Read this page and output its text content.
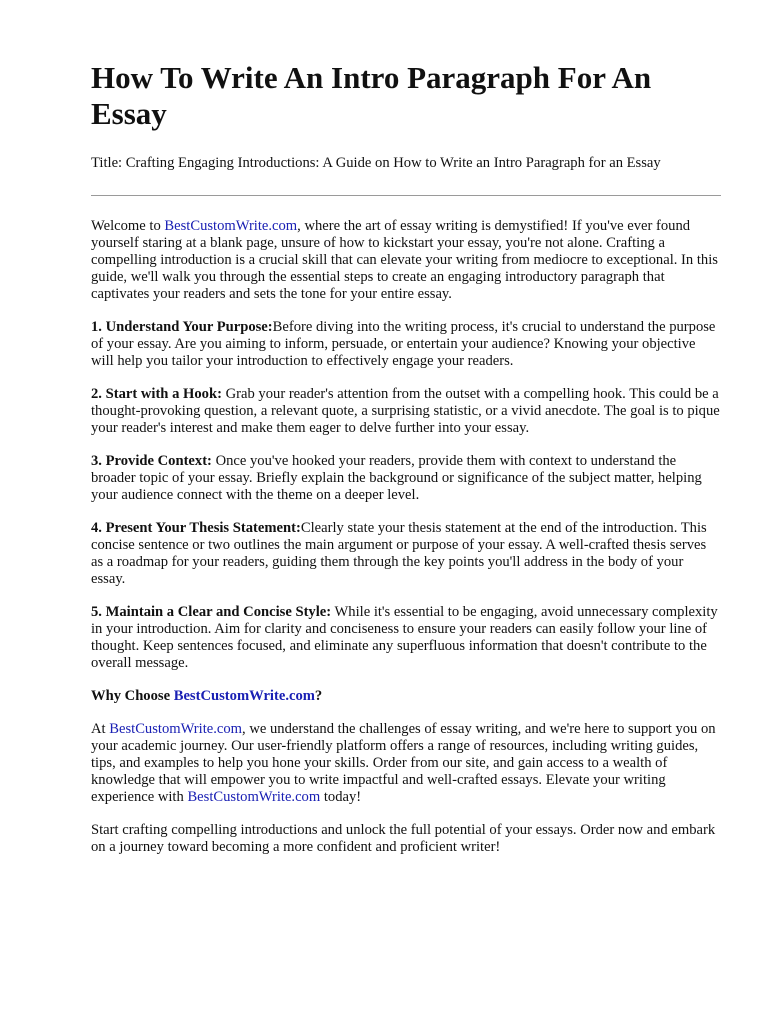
How To Write An Intro Paragraph For An Essay
Title: Crafting Engaging Introductions: A Guide on How to Write an Intro Paragraph for an Essay

Welcome to BestCustomWrite.com, where the art of essay writing is demystified! If you've ever found yourself staring at a blank page, unsure of how to kickstart your essay, you're not alone. Crafting a compelling introduction is a crucial skill that can elevate your writing from mediocre to exceptional. In this guide, we'll walk you through the essential steps to create an engaging introductory paragraph that captivates your readers and sets the tone for your entire essay.

1. Understand Your Purpose:Before diving into the writing process, it's crucial to understand the purpose of your essay. Are you aiming to inform, persuade, or entertain your audience? Knowing your objective will help you tailor your introduction to effectively engage your readers.

2. Start with a Hook: Grab your reader's attention from the outset with a compelling hook. This could be a thought-provoking question, a relevant quote, a surprising statistic, or a vivid anecdote. The goal is to pique your reader's interest and make them eager to delve further into your essay.

3. Provide Context: Once you've hooked your readers, provide them with context to understand the broader topic of your essay. Briefly explain the background or significance of the subject matter, helping your audience connect with the theme on a deeper level.

4. Present Your Thesis Statement:Clearly state your thesis statement at the end of the introduction. This concise sentence or two outlines the main argument or purpose of your essay. A well-crafted thesis serves as a roadmap for your readers, guiding them through the key points you'll address in the body of your essay.

5. Maintain a Clear and Concise Style: While it's essential to be engaging, avoid unnecessary complexity in your introduction. Aim for clarity and conciseness to ensure your readers can easily follow your line of thought. Keep sentences focused, and eliminate any superfluous information that doesn't contribute to the overall message.

Why Choose BestCustomWrite.com?

At BestCustomWrite.com, we understand the challenges of essay writing, and we're here to support you on your academic journey. Our user-friendly platform offers a range of resources, including writing guides, tips, and examples to help you hone your skills. Order from our site, and gain access to a wealth of knowledge that will empower you to write impactful and well-crafted essays. Elevate your writing experience with BestCustomWrite.com today!

Start crafting compelling introductions and unlock the full potential of your essays. Order now and embark on a journey toward becoming a more confident and proficient writer!
